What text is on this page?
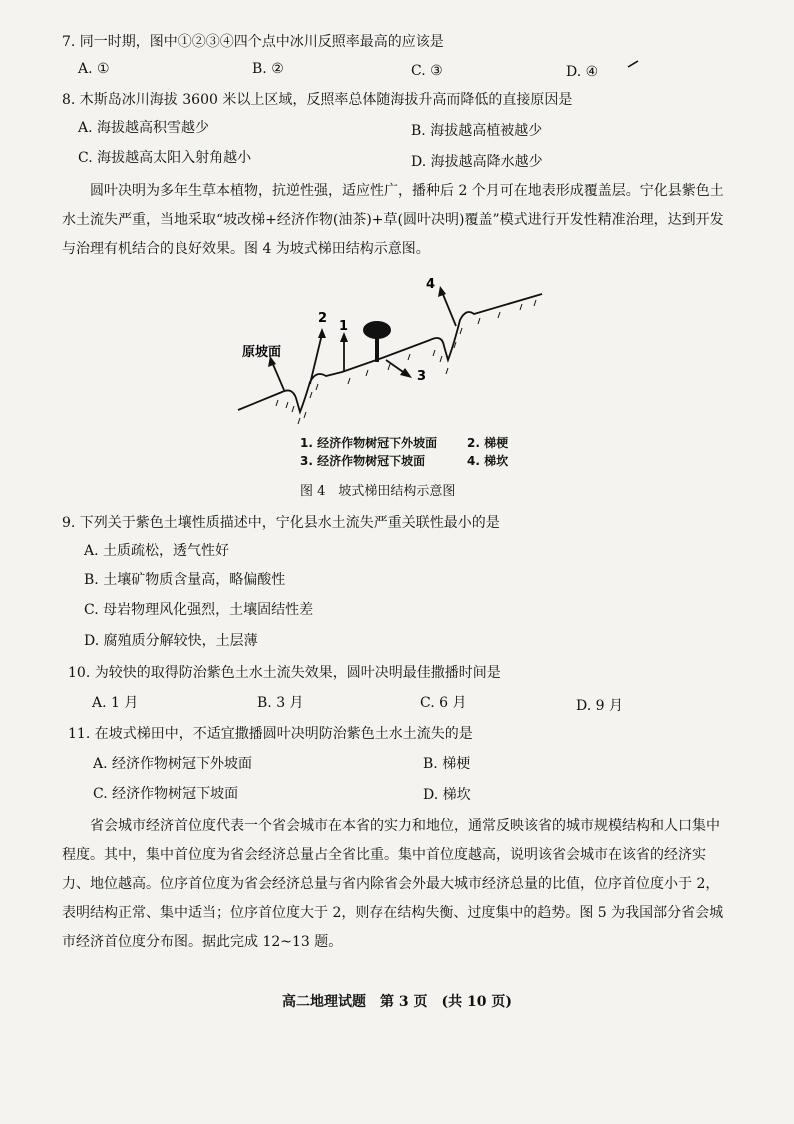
7. 同一时期，图中①②③④四个点中冰川反照率最高的应该是
A. ①	B. ②	C. ③	D. ④
8. 木斯岛冰川海拔 3600 米以上区域，反照率总体随海拔升高而降低的直接原因是
A. 海拔越高积雪越少	B. 海拔越高植被越少
C. 海拔越高太阳入射角越小	D. 海拔越高降水越少
圆叶决明为多年生草本植物，抗逆性强，适应性广，播种后 2 个月可在地表形成覆盖层。宁化县紫色土水土流失严重，当地采取“坡改梯+经济作物(油茶)+草(圆叶决明)覆盖”模式进行开发性精准治理，达到开发与治理有机结合的良好效果。图 4 为坡式梯田结构示意图。
2
1
3
4
原坡面
1. 经济作物树冠下外坡面 2. 梯梗
3. 经济作物树冠下坡面	4. 梯坎
图 4　坡式梯田结构示意图
9. 下列关于紫色土壤性质描述中，宁化县水土流失严重关联性最小的是
A. 土质疏松，透气性好
B. 土壤矿物质含量高，略偏酸性
C. 母岩物理风化强烈，土壤固结性差
D. 腐殖质分解较快，土层薄
10. 为较快的取得防治紫色土水土流失效果，圆叶决明最佳撒播时间是
A. 1 月	B. 3 月	C. 6 月	D. 9 月
11. 在坡式梯田中，不适宜撒播圆叶决明防治紫色土水土流失的是
A. 经济作物树冠下外坡面	B. 梯梗
C. 经济作物树冠下坡面	D. 梯坎
省会城市经济首位度代表一个省会城市在本省的实力和地位，通常反映该省的城市规模结构和人口集中程度。其中，集中首位度为省会经济总量占全省比重。集中首位度越高，说明该省会城市在该省的经济实力、地位越高。位序首位度为省会经济总量与省内除省会外最大城市经济总量的比值，位序首位度小于 2，表明结构正常、集中适当；位序首位度大于 2，则存在结构失衡、过度集中的趋势。图 5 为我国部分省会城市经济首位度分布图。据此完成 12~13 题。
高二地理试题　第 3 页　(共 10 页)
